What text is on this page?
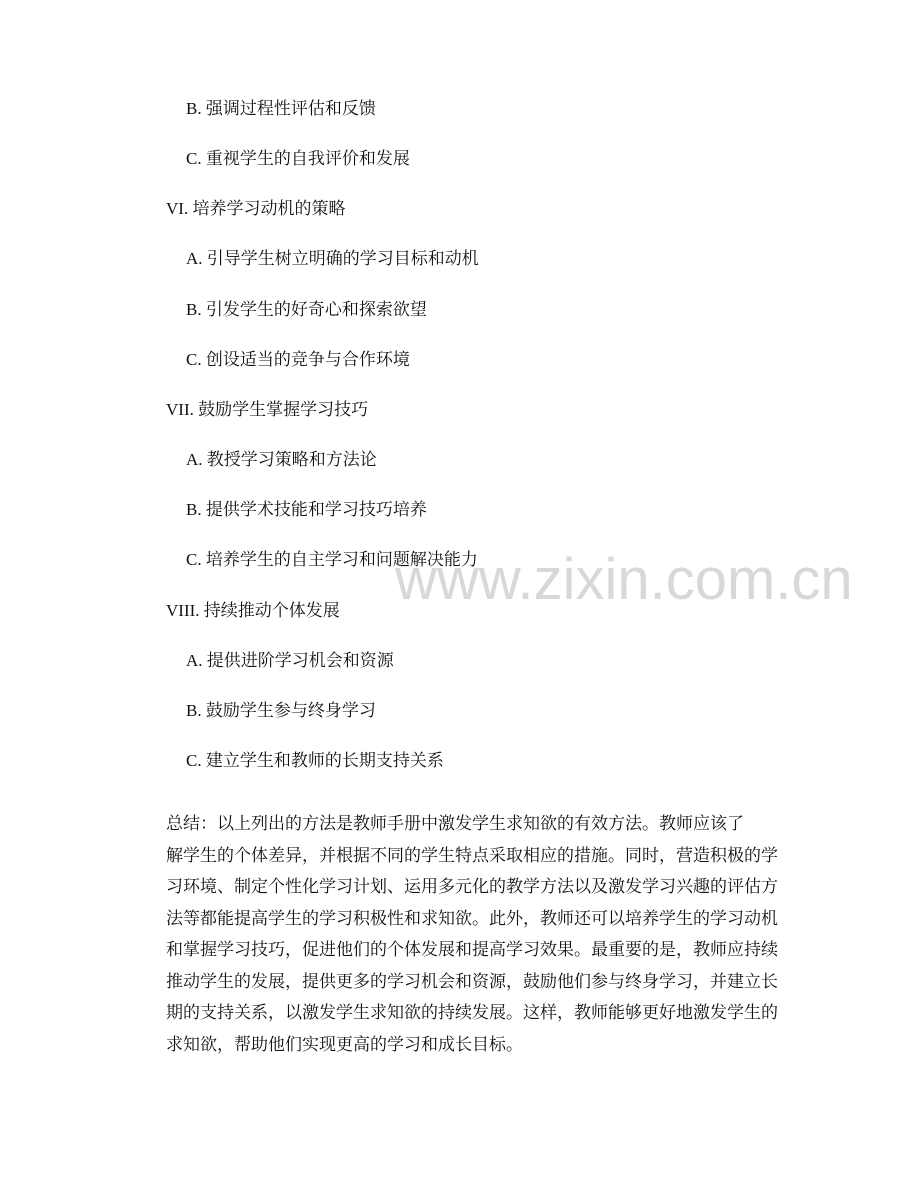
www.zixin.com.cn
B. 强调过程性评估和反馈
C. 重视学生的自我评价和发展
VI. 培养学习动机的策略
A. 引导学生树立明确的学习目标和动机
B. 引发学生的好奇心和探索欲望
C. 创设适当的竞争与合作环境
VII. 鼓励学生掌握学习技巧
A. 教授学习策略和方法论
B. 提供学术技能和学习技巧培养
C. 培养学生的自主学习和问题解决能力
VIII. 持续推动个体发展
A. 提供进阶学习机会和资源
B. 鼓励学生参与终身学习
C. 建立学生和教师的长期支持关系
总结：以上列出的方法是教师手册中激发学生求知欲的有效方法。教师应该了
解学生的个体差异，并根据不同的学生特点采取相应的措施。同时，营造积极的学
习环境、制定个性化学习计划、运用多元化的教学方法以及激发学习兴趣的评估方
法等都能提高学生的学习积极性和求知欲。此外，教师还可以培养学生的学习动机
和掌握学习技巧，促进他们的个体发展和提高学习效果。最重要的是，教师应持续
推动学生的发展，提供更多的学习机会和资源，鼓励他们参与终身学习，并建立长
期的支持关系，以激发学生求知欲的持续发展。这样，教师能够更好地激发学生的
求知欲，帮助他们实现更高的学习和成长目标。
